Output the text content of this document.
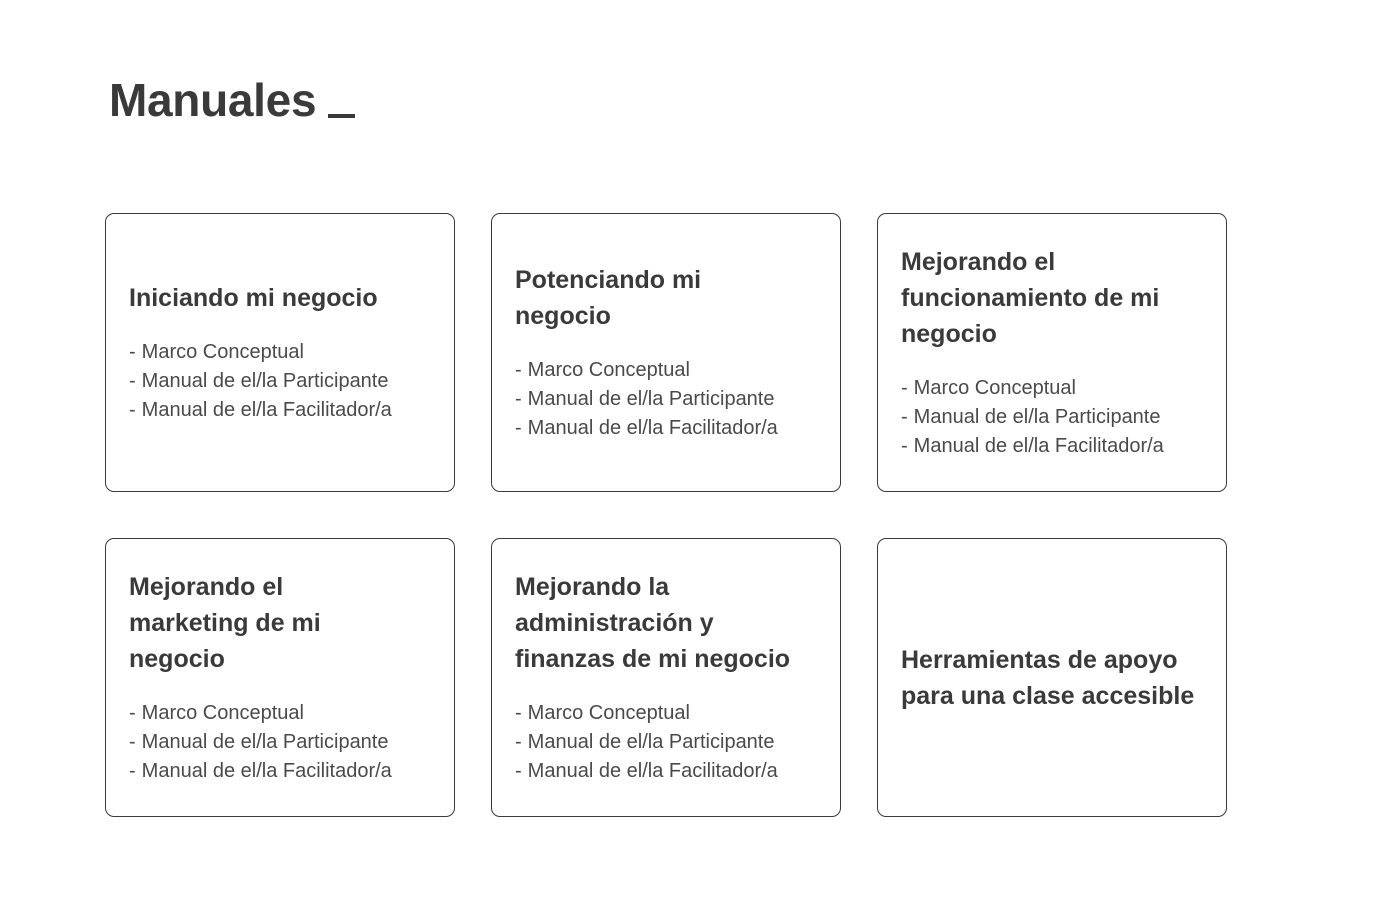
Manuales
Iniciando mi negocio
- Marco Conceptual
- Manual de el/la Participante
- Manual de el/la Facilitador/a
Potenciando mi negocio
- Marco Conceptual
- Manual de el/la Participante
- Manual de el/la Facilitador/a
Mejorando el funcionamiento de mi negocio
- Marco Conceptual
- Manual de el/la Participante
- Manual de el/la Facilitador/a
Mejorando el marketing de mi negocio
- Marco Conceptual
- Manual de el/la Participante
- Manual de el/la Facilitador/a
Mejorando la administración y finanzas de mi negocio
- Marco Conceptual
- Manual de el/la Participante
- Manual de el/la Facilitador/a
Herramientas de apoyo para una clase accesible
